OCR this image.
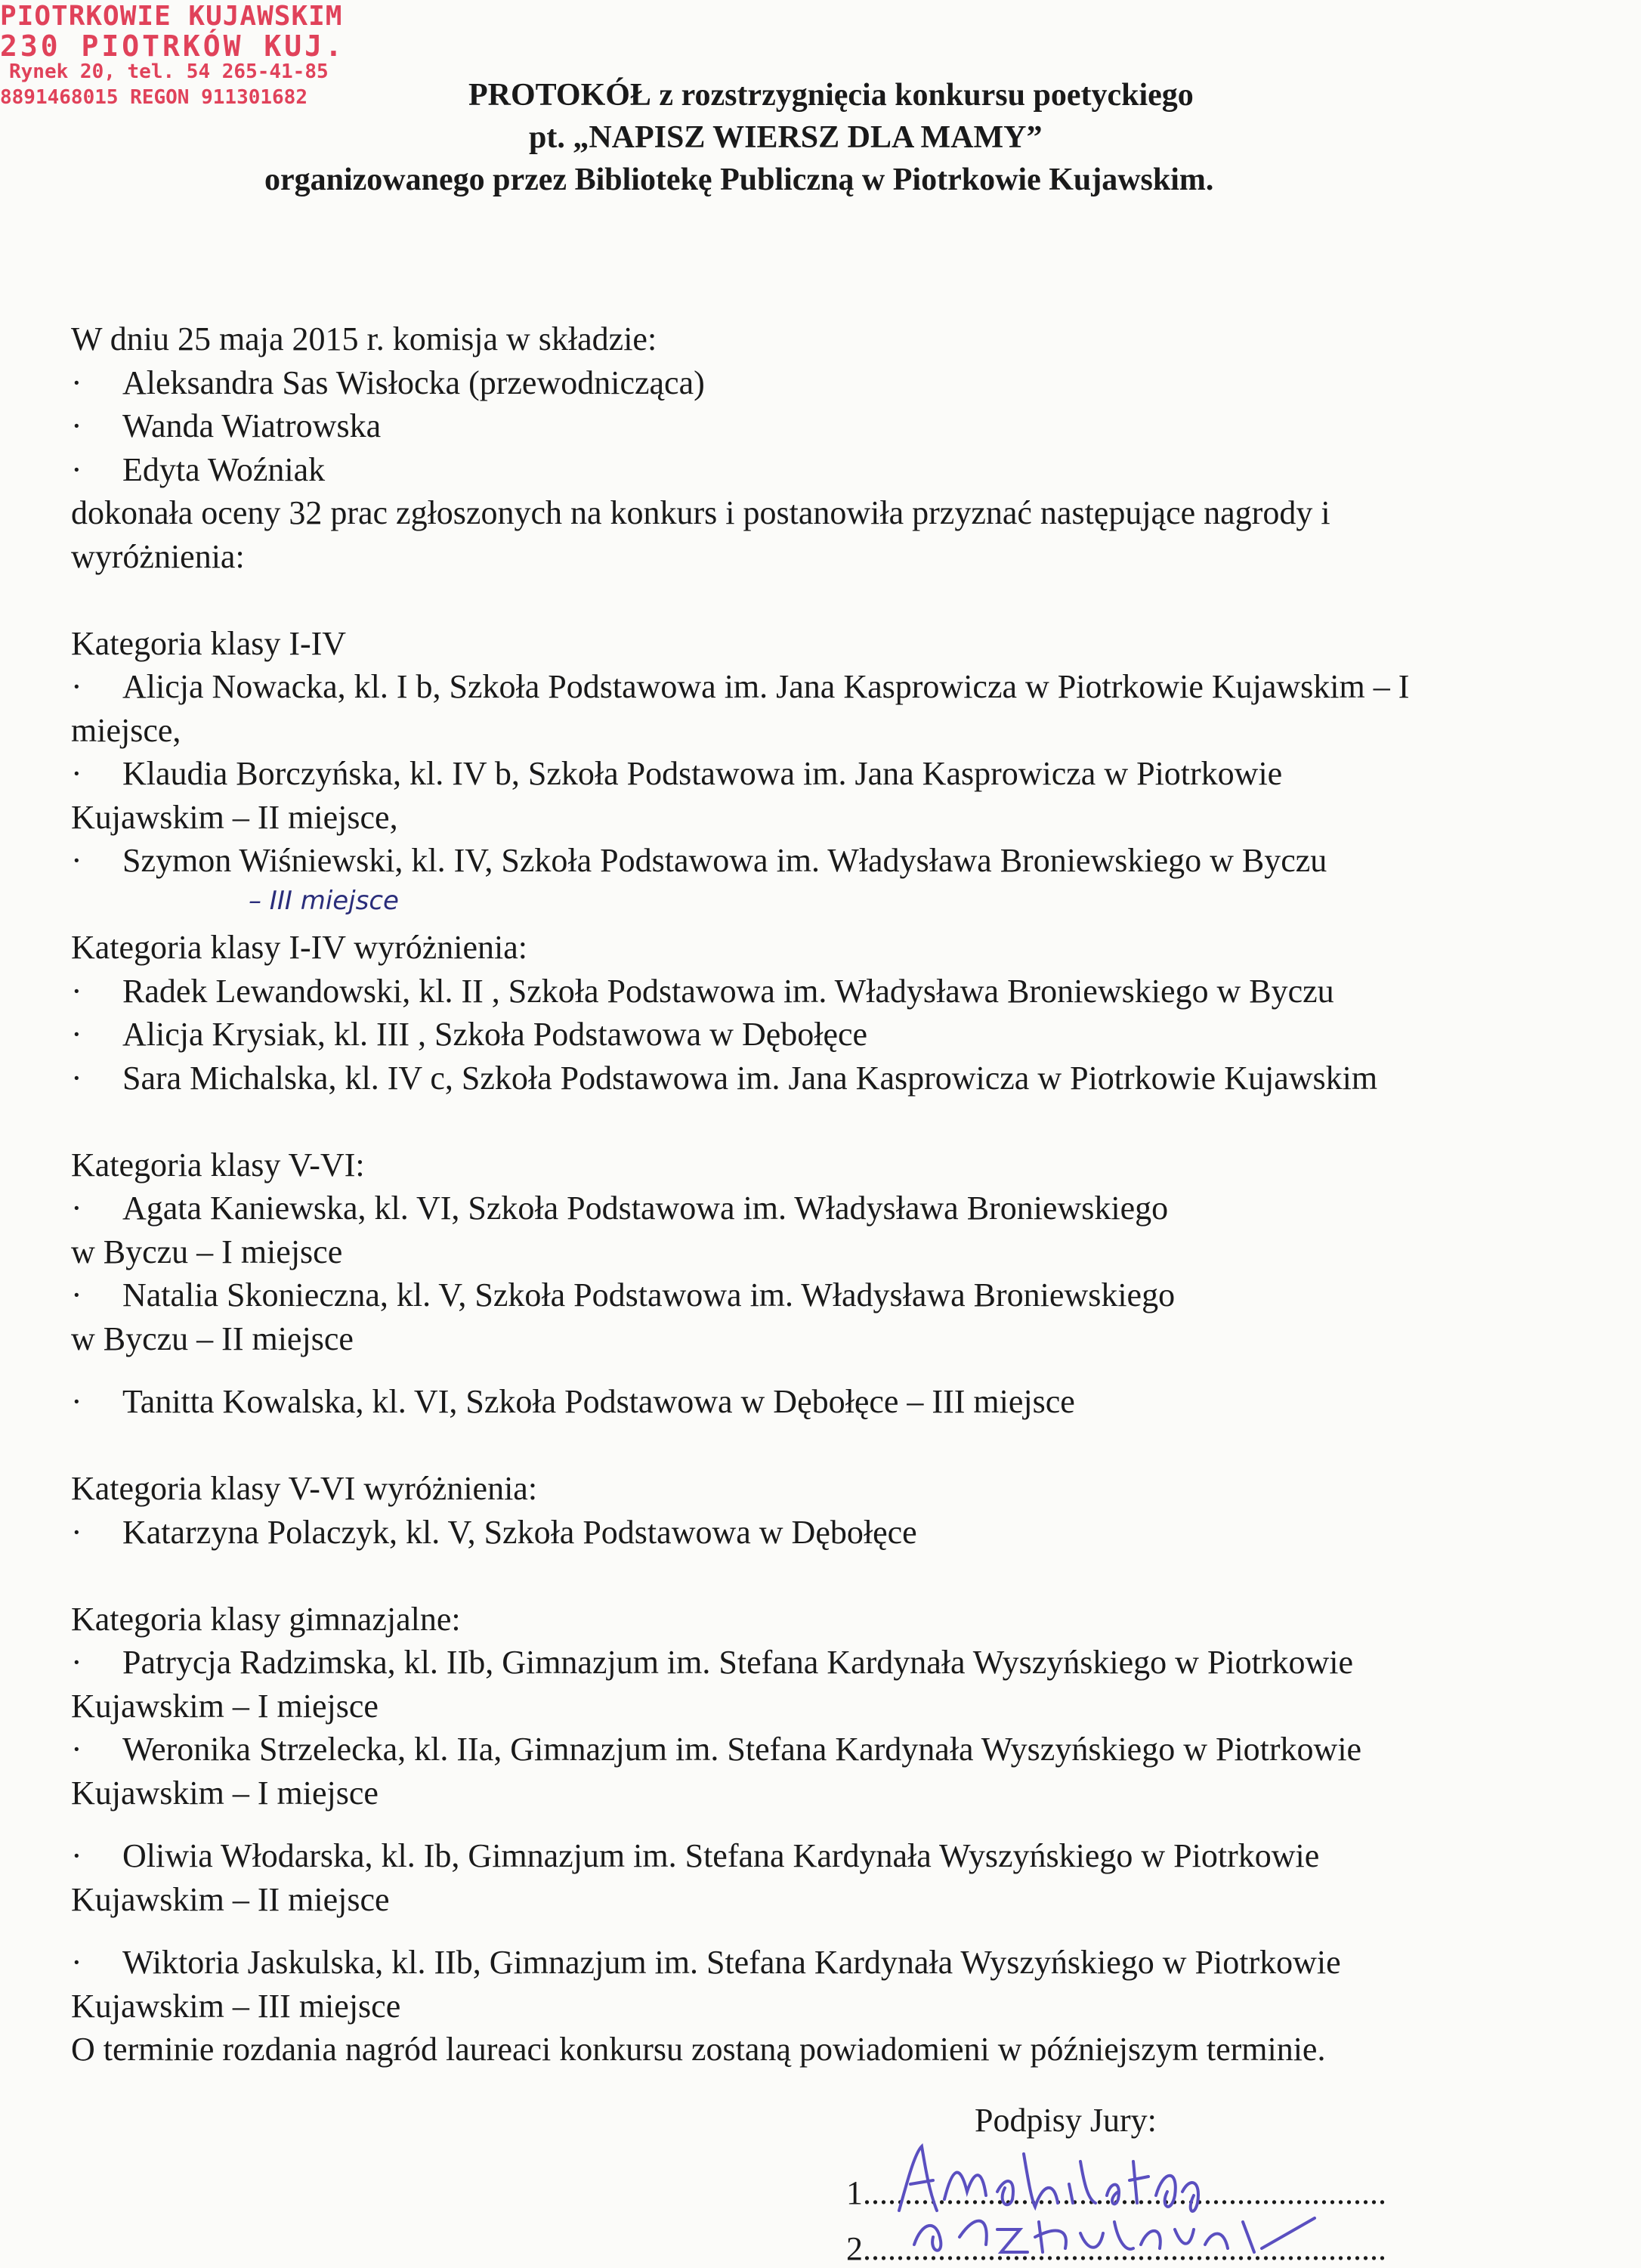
PIOTRKOWIE KUJAWSKIM
230 PIOTRKÓW KUJ.
Rynek 20, tel. 54 265-41-85
8891468015 REGON 911301682	PROTOKÓŁ z rozstrzygnięcia konkursu poetyckiego
pt. „NAPISZ WIERSZ DLA MAMY”
organizowanego przez Bibliotekę Publiczną w Piotrkowie Kujawskim.
W dniu 25 maja 2015 r. komisja w składzie:
· Aleksandra Sas Wisłocka (przewodnicząca)
· Wanda Wiatrowska
· Edyta Woźniak
dokonała oceny 32 prac zgłoszonych na konkurs i postanowiła przyznać następujące nagrody i
wyróżnienia:
Kategoria klasy I-IV
· Alicja Nowacka, kl. I b, Szkoła Podstawowa im. Jana Kasprowicza w Piotrkowie Kujawskim – I
miejsce,
· Klaudia Borczyńska, kl. IV b, Szkoła Podstawowa im. Jana Kasprowicza w Piotrkowie
Kujawskim – II miejsce,
· Szymon Wiśniewski, kl. IV, Szkoła Podstawowa im. Władysława Broniewskiego w Byczu
– III miejsce
Kategoria klasy I-IV wyróżnienia:
· Radek Lewandowski, kl. II , Szkoła Podstawowa im. Władysława Broniewskiego w Byczu
· Alicja Krysiak, kl. III , Szkoła Podstawowa w Dębołęce
· Sara Michalska, kl. IV c, Szkoła Podstawowa im. Jana Kasprowicza w Piotrkowie Kujawskim
Kategoria klasy V-VI:
· Agata Kaniewska, kl. VI, Szkoła Podstawowa im. Władysława Broniewskiego
w Byczu – I miejsce
· Natalia Skonieczna, kl. V, Szkoła Podstawowa im. Władysława Broniewskiego
w Byczu – II miejsce
· Tanitta Kowalska, kl. VI, Szkoła Podstawowa w Dębołęce – III miejsce
Kategoria klasy V-VI wyróżnienia:
· Katarzyna Polaczyk, kl. V, Szkoła Podstawowa w Dębołęce
Kategoria klasy gimnazjalne:
· Patrycja Radzimska, kl. IIb, Gimnazjum im. Stefana Kardynała Wyszyńskiego w Piotrkowie
Kujawskim – I miejsce
· Weronika Strzelecka, kl. IIa, Gimnazjum im. Stefana Kardynała Wyszyńskiego w Piotrkowie
Kujawskim – I miejsce
· Oliwia Włodarska, kl. Ib, Gimnazjum im. Stefana Kardynała Wyszyńskiego w Piotrkowie
Kujawskim – II miejsce
· Wiktoria Jaskulska, kl. IIb, Gimnazjum im. Stefana Kardynała Wyszyńskiego w Piotrkowie
Kujawskim – III miejsce
O terminie rozdania nagród laureaci konkursu zostaną powiadomieni w późniejszym terminie.
Podpisy Jury:
1...............................................................
2...............................................................
